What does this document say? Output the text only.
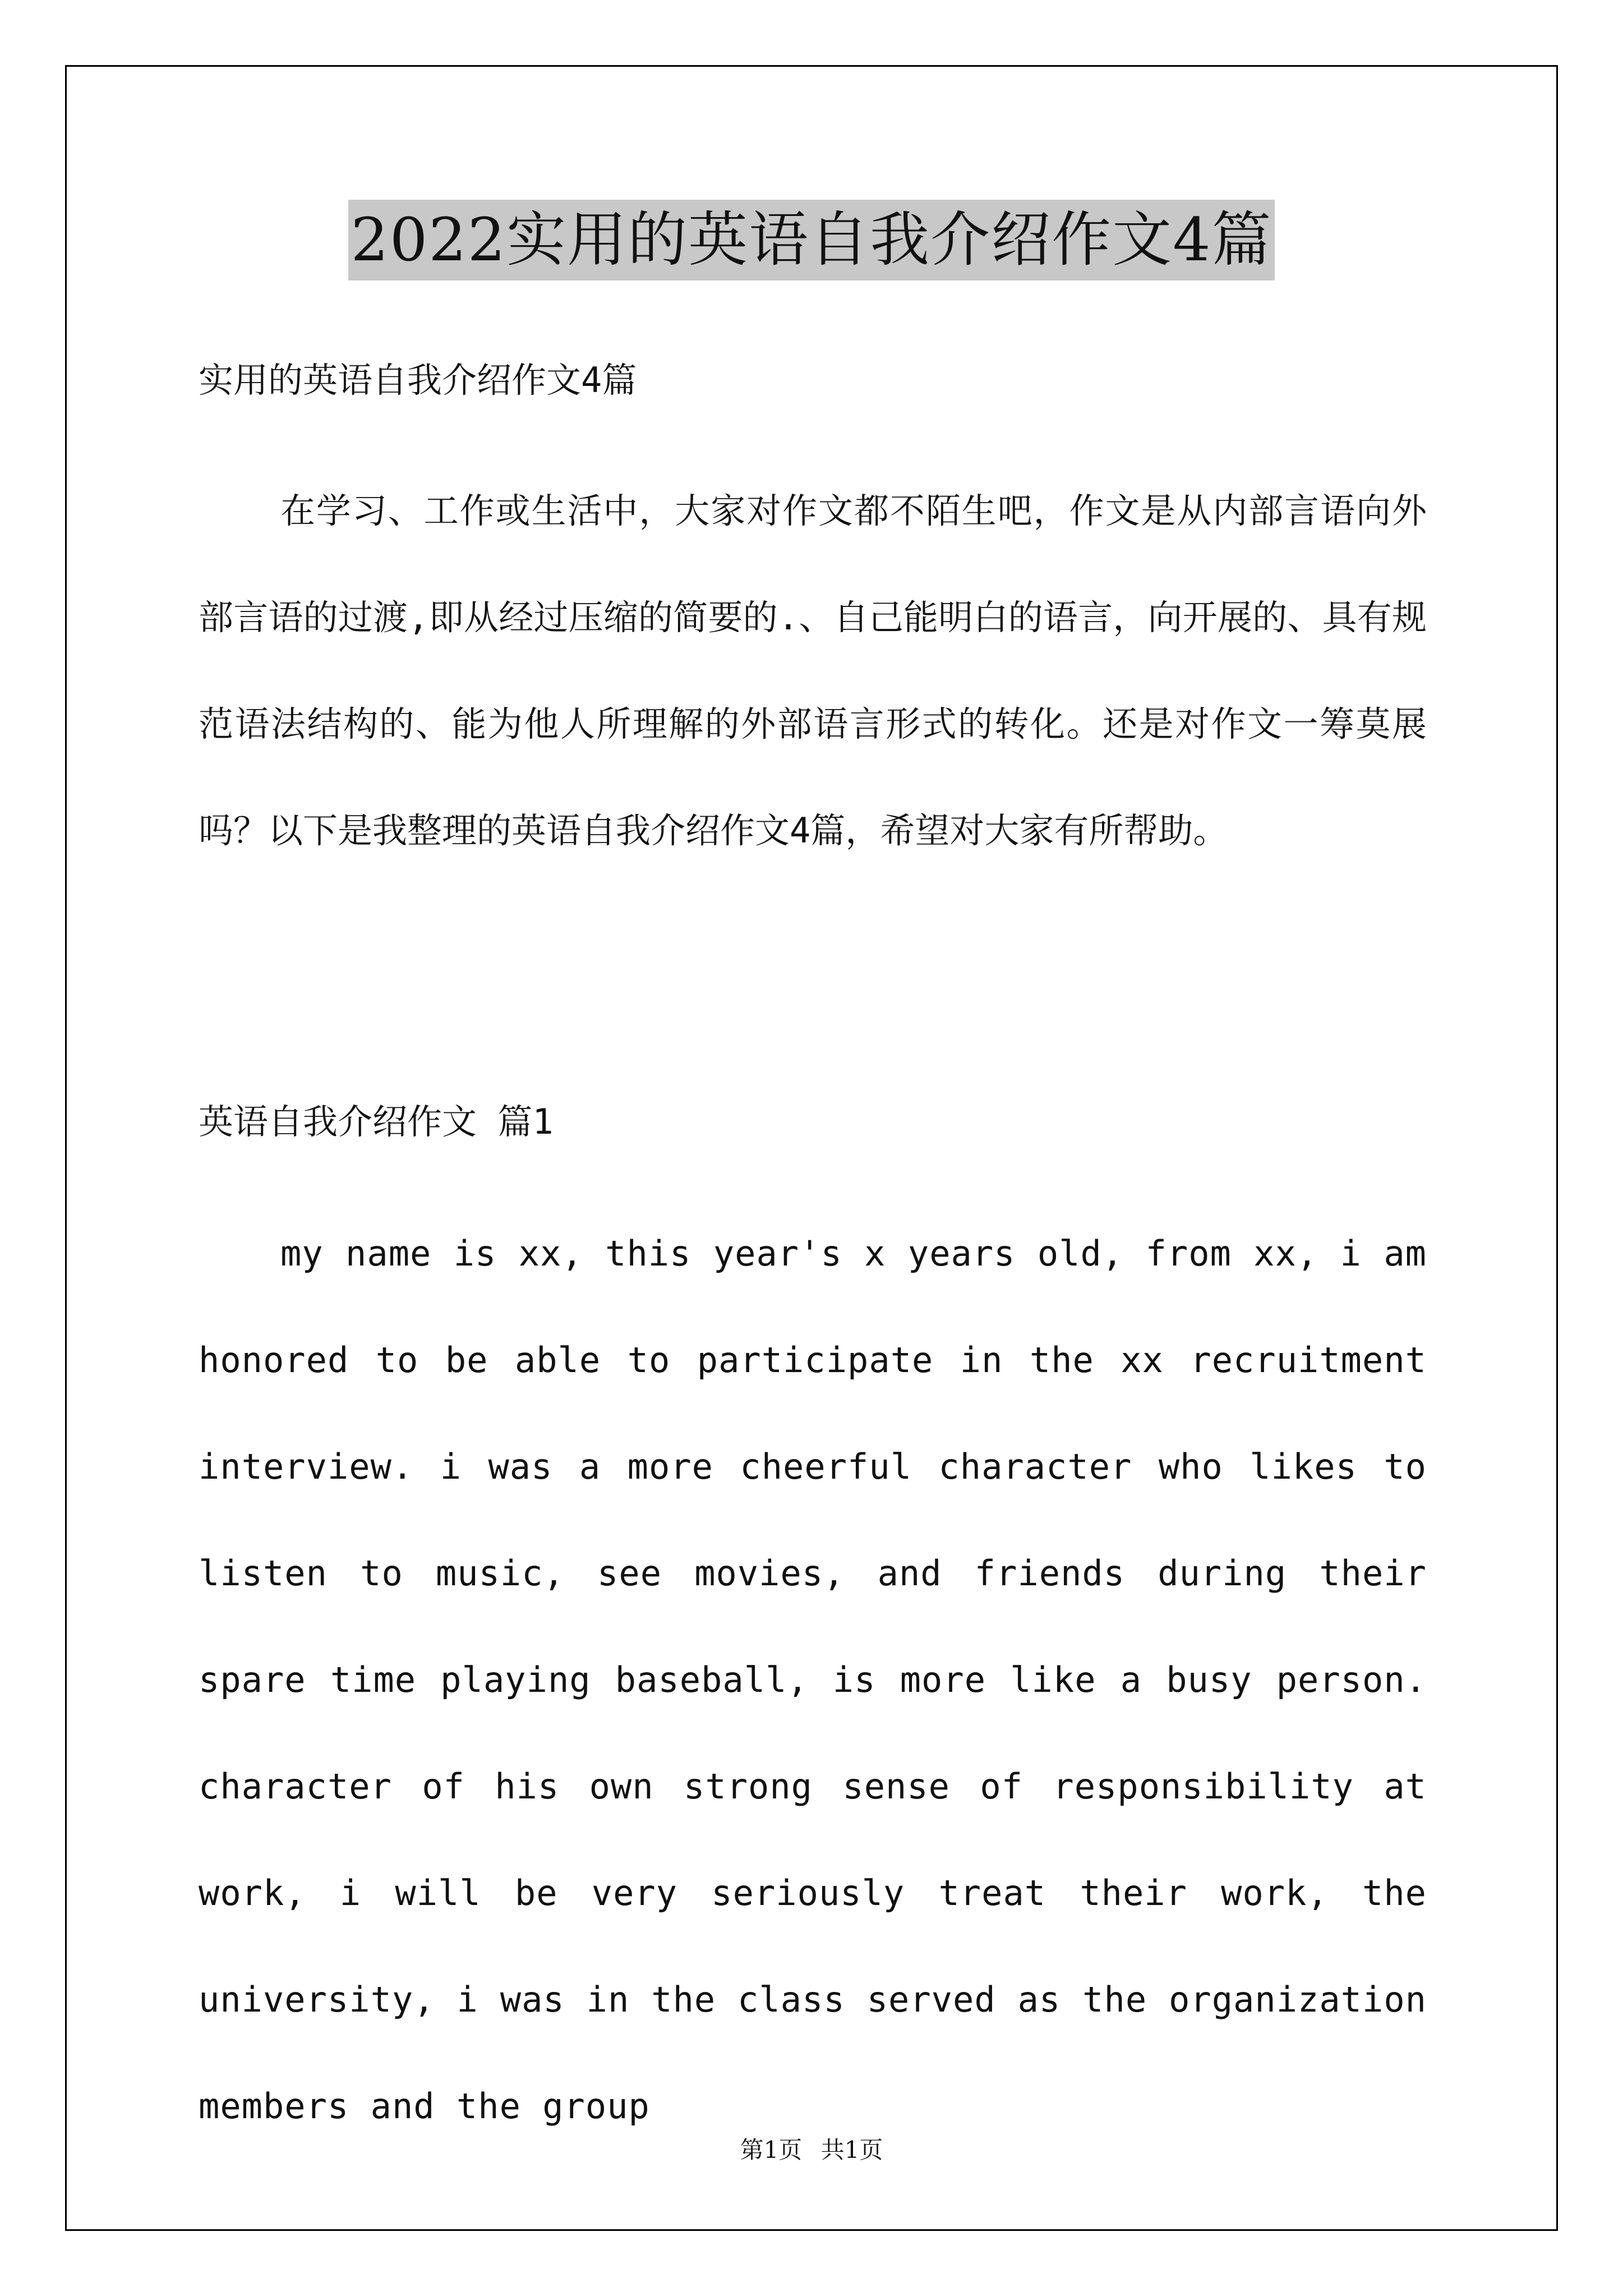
2022实用的英语自我介绍作文4篇
实用的英语自我介绍作文4篇
在学习、工作或生活中，大家对作文都不陌生吧，作文是从内部言语向外部言语的过渡,即从经过压缩的简要的.、自己能明白的语言，向开展的、具有规范语法结构的、能为他人所理解的外部语言形式的转化。还是对作文一筹莫展吗？以下是我整理的英语自我介绍作文4篇，希望对大家有所帮助。
英语自我介绍作文 篇1
my name is xx, this year's x years old, from xx, i am honored to be able to participate in the xx recruitment interview. i was a more cheerful character who likes to listen to music, see movies, and friends during their spare time playing baseball, is more like a busy person. character of his own strong sense of responsibility at work, i will be very seriously treat their work, the university, i was in the class served as the organization members and the group
第1页 共1页
